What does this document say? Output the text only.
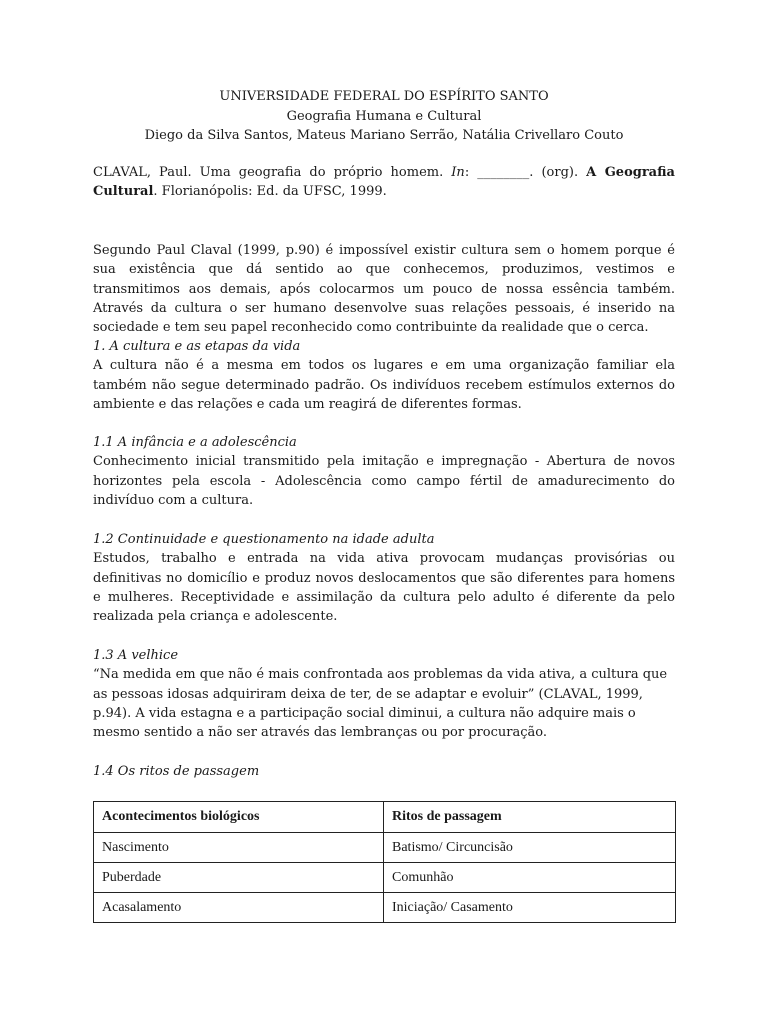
UNIVERSIDADE FEDERAL DO ESPÍRITO SANTO
Geografia Humana e Cultural
Diego da Silva Santos, Mateus Mariano Serrão, Natália Crivellaro Couto

CLAVAL, Paul. Uma geografia do próprio homem. In: ________. (org). A Geografia Cultural. Florianópolis: Ed. da UFSC, 1999.

Segundo Paul Claval (1999, p.90) é impossível existir cultura sem o homem porque é sua existência que dá sentido ao que conhecemos, produzimos, vestimos e transmitimos aos demais, após colocarmos um pouco de nossa essência também. Através da cultura o ser humano desenvolve suas relações pessoais, é inserido na sociedade e tem seu papel reconhecido como contribuinte da realidade que o cerca.

1. A cultura e as etapas da vida

A cultura não é a mesma em todos os lugares e em uma organização familiar ela também não segue determinado padrão. Os indivíduos recebem estímulos externos do ambiente e das relações e cada um reagirá de diferentes formas.

1.1 A infância e a adolescência

Conhecimento inicial transmitido pela imitação e impregnação - Abertura de novos horizontes pela escola - Adolescência como campo fértil de amadurecimento do indivíduo com a cultura.

1.2 Continuidade e questionamento na idade adulta

Estudos, trabalho e entrada na vida ativa provocam mudanças provisórias ou definitivas no domicílio e produz novos deslocamentos que são diferentes para homens e mulheres. Receptividade e assimilação da cultura pelo adulto é diferente da pelo realizada pela criança e adolescente.

1.3 A velhice

“Na medida em que não é mais confrontada aos problemas da vida ativa, a cultura que as pessoas idosas adquiriram deixa de ter, de se adaptar e evoluir” (CLAVAL, 1999, p.94). A vida estagna e a participação social diminui, a cultura não adquire mais o mesmo sentido a não ser através das lembranças ou por procuração.

1.4 Os ritos de passagem

Acontecimentos biológicos	Ritos de passagem
Nascimento	Batismo/ Circuncisão
Puberdade	Comunhão
Acasalamento	Iniciação/ Casamento
